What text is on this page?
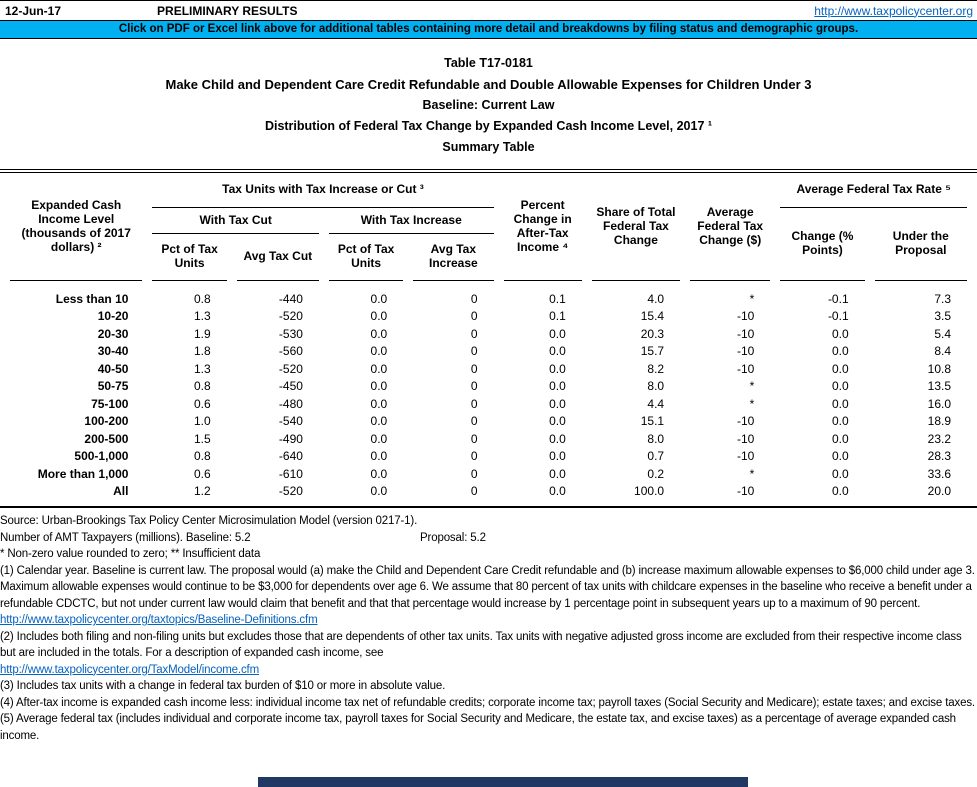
12-Jun-17	PRELIMINARY RESULTS	http://www.taxpolicycenter.org
Click on PDF or Excel link above for additional tables containing more detail and breakdowns by filing status and demographic groups.
Table T17-0181
Make Child and Dependent Care Credit Refundable and Double Allowable Expenses for Children Under 3
Baseline: Current Law
Distribution of Federal Tax Change by Expanded Cash Income Level, 2017 ¹
Summary Table
Expanded Cash Income Level (thousands of 2017 dollars) ²	Tax Units with Tax Increase or Cut ³				Percent Change in After-Tax Income ⁴	Share of Total Federal Tax Change	Average Federal Tax Change ($)	Average Federal Tax Rate ⁵	
	With Tax Cut		With Tax Increase					Change (% Points)	Under the Proposal
	Pct of Tax Units	Avg Tax Cut	Pct of Tax Units	Avg Tax Increase					
Less than 10	0.8	-440	0.0	0	0.1	4.0	*	-0.1	7.3
10-20	1.3	-520	0.0	0	0.1	15.4	-10	-0.1	3.5
20-30	1.9	-530	0.0	0	0.0	20.3	-10	0.0	5.4
30-40	1.8	-560	0.0	0	0.0	15.7	-10	0.0	8.4
40-50	1.3	-520	0.0	0	0.0	8.2	-10	0.0	10.8
50-75	0.8	-450	0.0	0	0.0	8.0	*	0.0	13.5
75-100	0.6	-480	0.0	0	0.0	4.4	*	0.0	16.0
100-200	1.0	-540	0.0	0	0.0	15.1	-10	0.0	18.9
200-500	1.5	-490	0.0	0	0.0	8.0	-10	0.0	23.2
500-1,000	0.8	-640	0.0	0	0.0	0.7	-10	0.0	28.3
More than 1,000	0.6	-610	0.0	0	0.0	0.2	*	0.0	33.6
All	1.2	-520	0.0	0	0.0	100.0	-10	0.0	20.0
Source: Urban-Brookings Tax Policy Center Microsimulation Model (version 0217-1).
Number of AMT Taxpayers (millions). Baseline: 5.2	Proposal: 5.2
* Non-zero value rounded to zero; ** Insufficient data
(1) Calendar year. Baseline is current law. The proposal would (a) make the Child and Dependent Care Credit refundable and (b) increase maximum allowable expenses to $6,000 child under age 3. Maximum allowable expenses would continue to be $3,000 for dependents over age 6. We assume that 80 percent of tax units with childcare expenses in the baseline who receive a benefit under a refundable CDCTC, but not under current law would claim that benefit and that that percentage would increase by 1 percentage point in subsequent years up to a maximum of 90 percent.
http://www.taxpolicycenter.org/taxtopics/Baseline-Definitions.cfm
(2) Includes both filing and non-filing units but excludes those that are dependents of other tax units. Tax units with negative adjusted gross income are excluded from their respective income class but are included in the totals. For a description of expanded cash income, see
http://www.taxpolicycenter.org/TaxModel/income.cfm
(3) Includes tax units with a change in federal tax burden of $10 or more in absolute value.
(4) After-tax income is expanded cash income less: individual income tax net of refundable credits; corporate income tax; payroll taxes (Social Security and Medicare); estate taxes; and excise taxes.
(5) Average federal tax (includes individual and corporate income tax, payroll taxes for Social Security and Medicare, the estate tax, and excise taxes) as a percentage of average expanded cash income.
